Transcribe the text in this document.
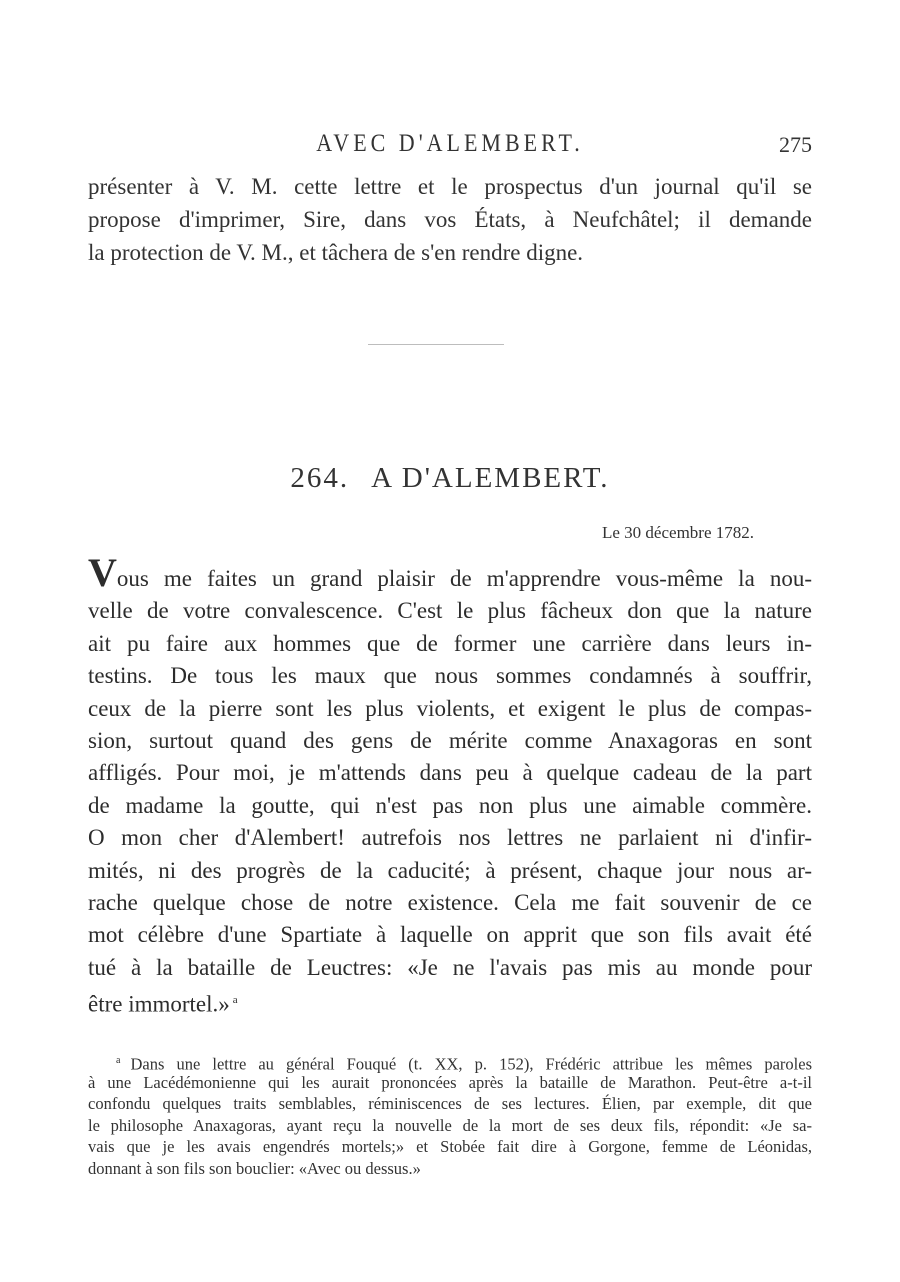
AVEC D'ALEMBERT.	275
présenter à V. M. cette lettre et le prospectus d'un journal qu'il se
propose d'imprimer, Sire, dans vos États, à Neufchâtel; il demande
la protection de V. M., et tâchera de s'en rendre digne.
264. A D'ALEMBERT.
Le 30 décembre 1782.
Vous me faites un grand plaisir de m'apprendre vous-même la nou-
velle de votre convalescence. C'est le plus fâcheux don que la nature
ait pu faire aux hommes que de former une carrière dans leurs in-
testins. De tous les maux que nous sommes condamnés à souffrir,
ceux de la pierre sont les plus violents, et exigent le plus de compas-
sion, surtout quand des gens de mérite comme Anaxagoras en sont
affligés. Pour moi, je m'attends dans peu à quelque cadeau de la part
de madame la goutte, qui n'est pas non plus une aimable commère.
O mon cher d'Alembert! autrefois nos lettres ne parlaient ni d'infir-
mités, ni des progrès de la caducité; à présent, chaque jour nous ar-
rache quelque chose de notre existence. Cela me fait souvenir de ce
mot célèbre d'une Spartiate à laquelle on apprit que son fils avait été
tué à la bataille de Leuctres: «Je ne l'avais pas mis au monde pour
être immortel.» $^a$
$^a$ Dans une lettre au général Fouqué (t. XX, p. 152), Frédéric attribue les mêmes paroles
à une Lacédémonienne qui les aurait prononcées après la bataille de Marathon. Peut-être a-t-il
confondu quelques traits semblables, réminiscences de ses lectures. Élien, par exemple, dit que
le philosophe Anaxagoras, ayant reçu la nouvelle de la mort de ses deux fils, répondit: «Je sa-
vais que je les avais engendrés mortels;» et Stobée fait dire à Gorgone, femme de Léonidas,
donnant à son fils son bouclier: «Avec ou dessus.»
